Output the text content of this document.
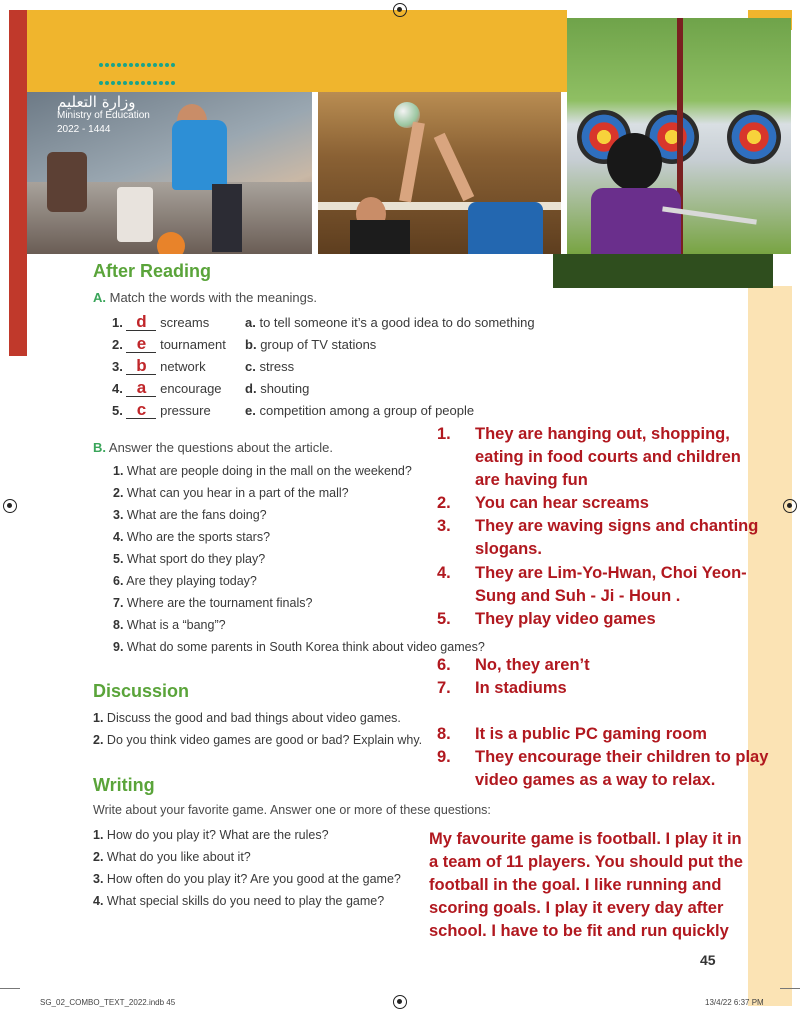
وزارة التعليم
Ministry of Education
2022 - 1444
After Reading
A. Match the words with the meanings.
1. d screams
2. e tournament
3. b network
4. a encourage
5. c pressure
a. to tell someone it’s a good idea to do something
b. group of TV stations
c. stress
d. shouting
e. competition among a group of people
B. Answer the questions about the article.
1. What are people doing in the mall on the weekend?
2. What can you hear in a part of the mall?
3. What are the fans doing?
4. Who are the sports stars?
5. What sport do they play?
6. Are they playing today?
7. Where are the tournament finals?
8. What is a “bang”?
9. What do some parents in South Korea think about video games?
1. They are hanging out, shopping,
eating in food courts and children
are having fun
2. You can hear screams
3. They are waving signs and chanting
slogans.
4. They are Lim-Yo-Hwan, Choi Yeon-
Sung and Suh - Ji - Houn .
5. They play video games
6. No, they aren’t
7. In stadiums
8. It is a public PC gaming room
9. They encourage their children to play
video games as a way to relax.
Discussion
1. Discuss the good and bad things about video games.
2. Do you think video games are good or bad? Explain why.
Writing
Write about your favorite game. Answer one or more of these questions:
1. How do you play it? What are the rules?
2. What do you like about it?
3. How often do you play it? Are you good at the game?
4. What special skills do you need to play the game?
My favourite game is football. I play it in
a team of 11 players. You should put the
football in the goal. I like running and
scoring goals. I play it every day after
school. I have to be fit and run quickly
45
SG_02_COMBO_TEXT_2022.indb 45	13/4/22 6:37 PM
